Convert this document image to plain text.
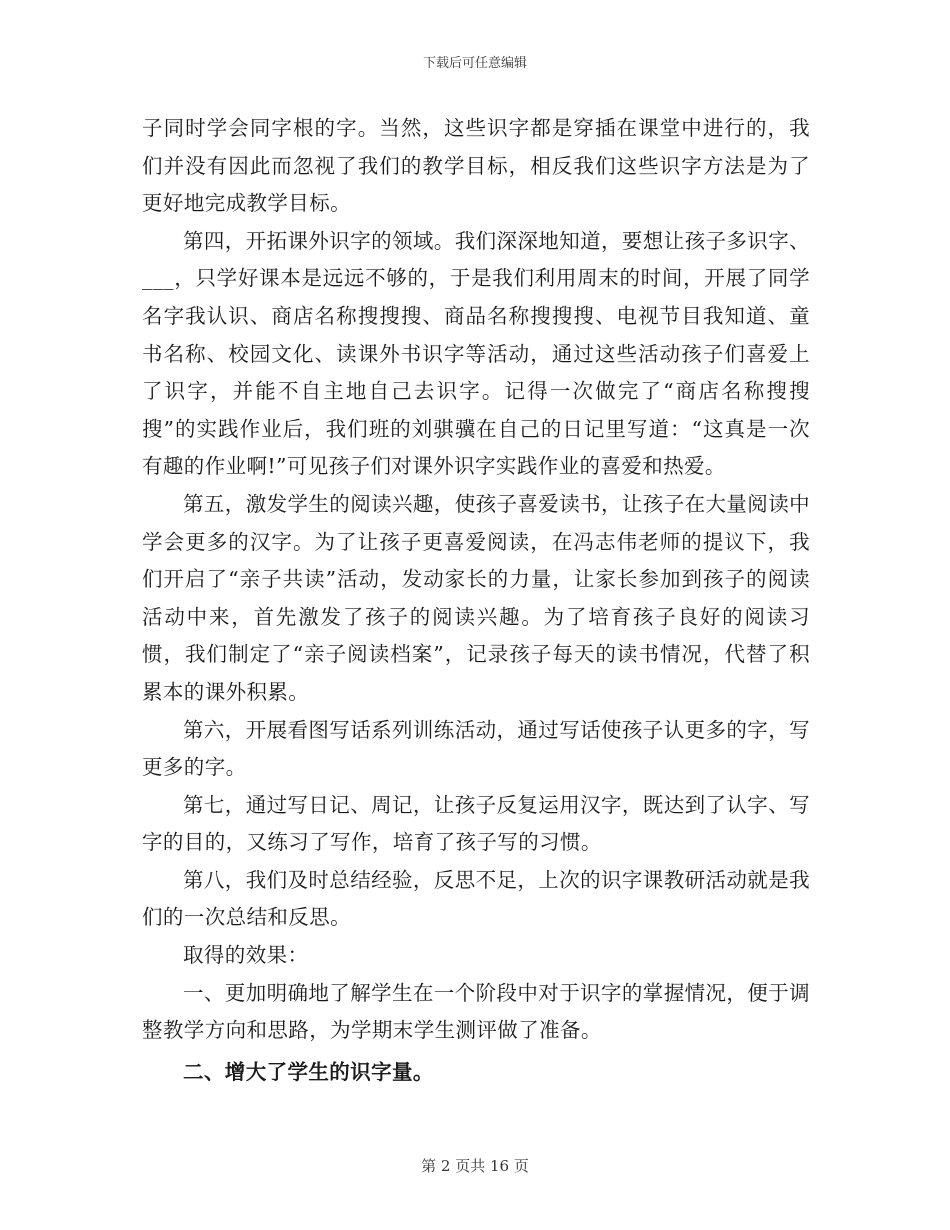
下载后可任意编辑

子同时学会同字根的字。当然，这些识字都是穿插在课堂中进行的，我们并没有因此而忽视了我们的教学目标，相反我们这些识字方法是为了更好地完成教学目标。

第四，开拓课外识字的领域。我们深深地知道，要想让孩子多识字、___，只学好课本是远远不够的，于是我们利用周末的时间，开展了同学名字我认识、商店名称搜搜搜、商品名称搜搜搜、电视节目我知道、童书名称、校园文化、读课外书识字等活动，通过这些活动孩子们喜爱上了识字，并能不自主地自己去识字。记得一次做完了“商店名称搜搜搜”的实践作业后，我们班的刘骐骥在自己的日记里写道：“这真是一次有趣的作业啊!”可见孩子们对课外识字实践作业的喜爱和热爱。

第五，激发学生的阅读兴趣，使孩子喜爱读书，让孩子在大量阅读中学会更多的汉字。为了让孩子更喜爱阅读，在冯志伟老师的提议下，我们开启了“亲子共读”活动，发动家长的力量，让家长参加到孩子的阅读活动中来，首先激发了孩子的阅读兴趣。为了培育孩子良好的阅读习惯，我们制定了“亲子阅读档案”，记录孩子每天的读书情况，代替了积累本的课外积累。

第六，开展看图写话系列训练活动，通过写话使孩子认更多的字，写更多的字。

第七，通过写日记、周记，让孩子反复运用汉字，既达到了认字、写字的目的，又练习了写作，培育了孩子写的习惯。

第八，我们及时总结经验，反思不足，上次的识字课教研活动就是我们的一次总结和反思。

取得的效果：

一、更加明确地了解学生在一个阶段中对于识字的掌握情况，便于调整教学方向和思路，为学期末学生测评做了准备。

二、增大了学生的识字量。

第 2 页共 16 页
